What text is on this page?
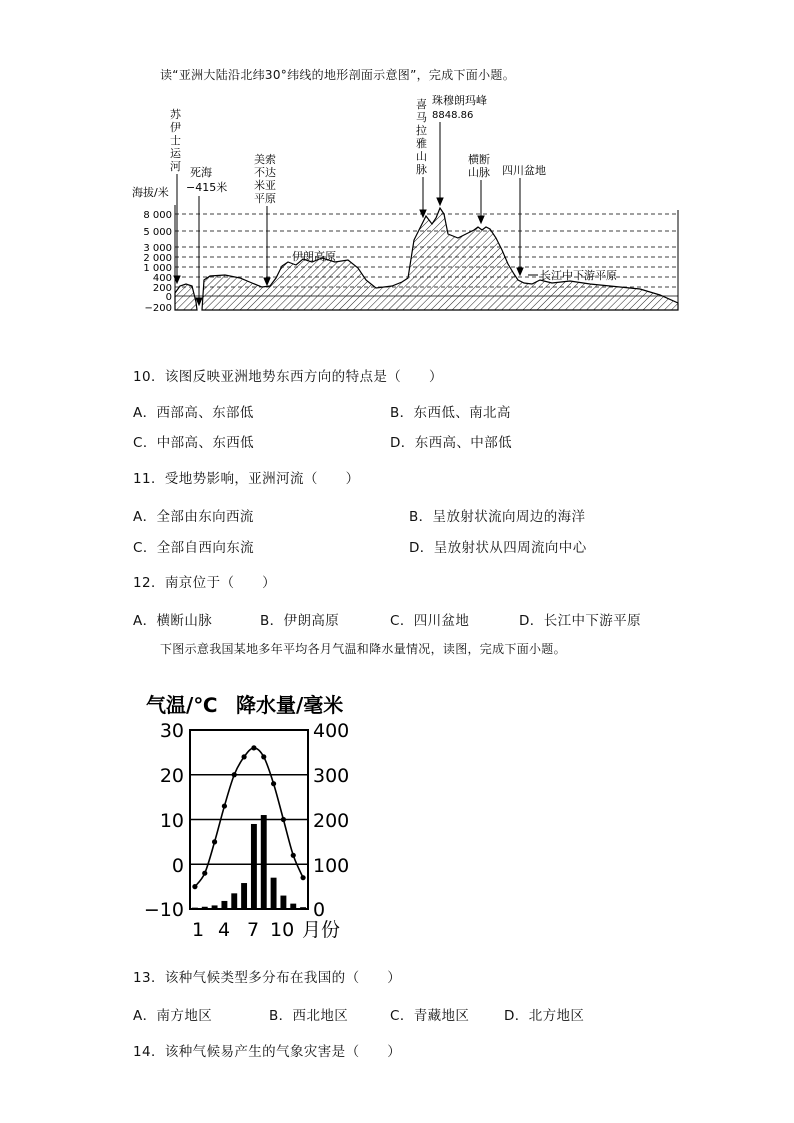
读“亚洲大陆沿北纬30°纬线的地形剖面示意图”，完成下面小题。
海拔/米
8 000
5 000
3 000
2 000
1 000
400
200
0
−200
苏
伊
士
运
河 死海
−415米
美索
不达
米亚
平原
伊朗高原
喜
马
拉
雅
山
脉
珠穆朗玛峰
8848.86
横断
山脉 四川盆地
长江中下游平原
10．该图反映亚洲地势东西方向的特点是（　　）
A．西部高、东部低	B．东西低、南北高
C．中部高、东西低	D．东西高、中部低
11．受地势影响，亚洲河流（　　）
A．全部由东向西流	B．呈放射状流向周边的海洋
C．全部自西向东流	D．呈放射状从四周流向中心
12．南京位于（　　）
A．横断山脉	B．伊朗高原	C．四川盆地	D．长江中下游平原
下图示意我国某地多年平均各月气温和降水量情况，读图，完成下面小题。
气温/℃ 降水量/毫米
30
20
10
0
−10
400
300
200
100
0
1 4 7 10 月份
13．该种气候类型多分布在我国的（　　）
A．南方地区	B．西北地区	C．青藏地区	D．北方地区
14．该种气候易产生的气象灾害是（　　）
